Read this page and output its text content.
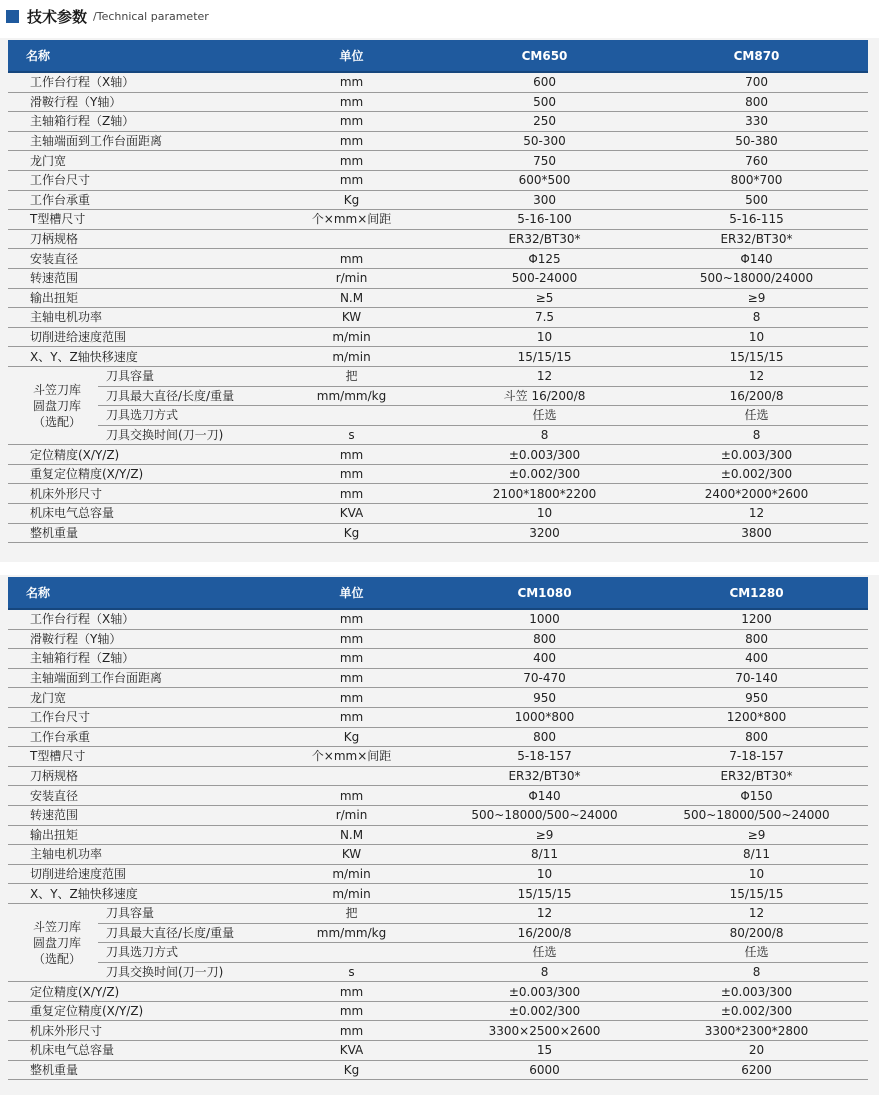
技术参数 /Technical parameter
名称		单位	CM650	CM870
工作台行程（X轴）		mm	600	700
滑鞍行程（Y轴）		mm	500	800
主轴箱行程（Z轴）		mm	250	330
主轴端面到工作台面距离		mm	50-300	50-380
龙门宽		mm	750	760
工作台尺寸		mm	600*500	800*700
工作台承重		Kg	300	500
T型槽尺寸		个×mm×间距	5-16-100	5-16-115
刀柄规格			ER32/BT30*	ER32/BT30*
安装直径		mm	Φ125	Φ140
转速范围		r/min	500-24000	500~18000/24000
输出扭矩		N.M	≥5	≥9
主轴电机功率		KW	7.5	8
切削进给速度范围		m/min	10	10
X、Y、Z轴快移速度		m/min	15/15/15	15/15/15

斗笠刀库
圆盘刀库
（选配）	刀具容量	把	12	12
	刀具最大直径/长度/重量	mm/mm/kg	斗笠 16/200/8	16/200/8
	刀具选刀方式		任选	任选
	刀具交换时间(刀一刀)	s	8	8
定位精度(X/Y/Z)		mm	±0.003/300	±0.003/300
重复定位精度(X/Y/Z)		mm	±0.002/300	±0.002/300
机床外形尺寸		mm	2100*1800*2200	2400*2000*2600
机床电气总容量		KVA	10	12
整机重量		Kg	3200	3800
名称		单位	CM1080	CM1280
工作台行程（X轴）		mm	1000	1200
滑鞍行程（Y轴）		mm	800	800
主轴箱行程（Z轴）		mm	400	400
主轴端面到工作台面距离		mm	70-470	70-140
龙门宽		mm	950	950
工作台尺寸		mm	1000*800	1200*800
工作台承重		Kg	800	800
T型槽尺寸		个×mm×间距	5-18-157	7-18-157
刀柄规格			ER32/BT30*	ER32/BT30*
安装直径		mm	Φ140	Φ150
转速范围		r/min	500~18000/500~24000	500~18000/500~24000
输出扭矩		N.M	≥9	≥9
主轴电机功率		KW	8/11	8/11
切削进给速度范围		m/min	10	10
X、Y、Z轴快移速度		m/min	15/15/15	15/15/15

斗笠刀库
圆盘刀库
（选配）	刀具容量	把	12	12
	刀具最大直径/长度/重量	mm/mm/kg	16/200/8	80/200/8
	刀具选刀方式		任选	任选
	刀具交换时间(刀一刀)	s	8	8
定位精度(X/Y/Z)		mm	±0.003/300	±0.003/300
重复定位精度(X/Y/Z)		mm	±0.002/300	±0.002/300
机床外形尺寸		mm	3300×2500×2600	3300*2300*2800
机床电气总容量		KVA	15	20
整机重量		Kg	6000	6200
